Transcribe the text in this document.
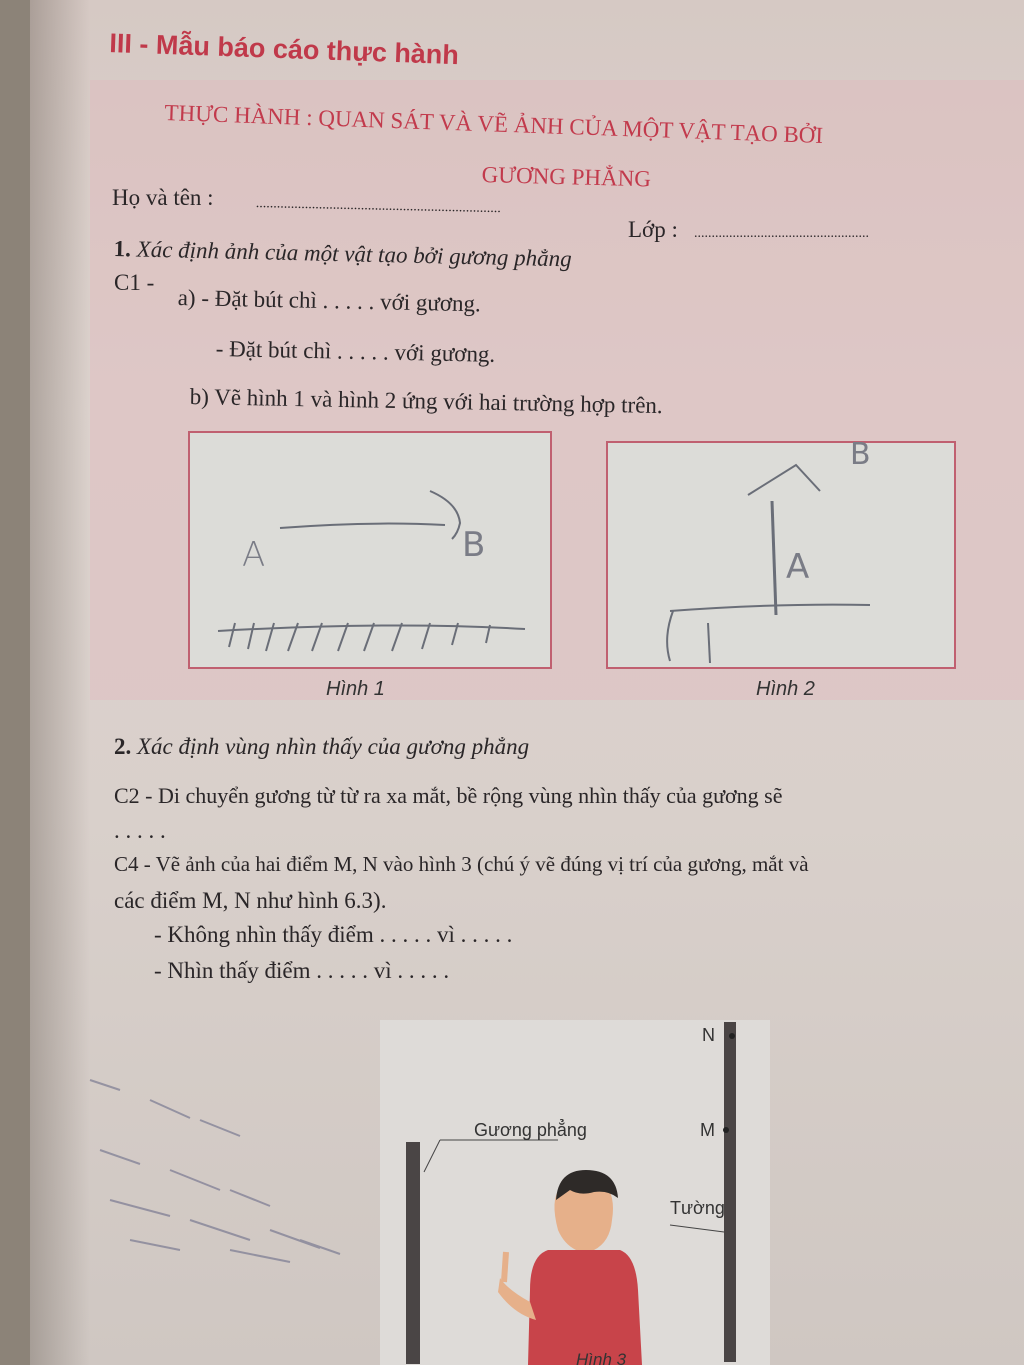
III - Mẫu báo cáo thực hành
THỰC HÀNH : QUAN SÁT VÀ VẼ ẢNH CỦA MỘT VẬT TẠO BỞI
GƯƠNG PHẲNG
Họ và tên :	......................................................................
Lớp : ..................................................
1. Xác định ảnh của một vật tạo bởi gương phẳng
C1 -
a) - Đặt bút chì . . . . . với gương.
- Đặt bút chì . . . . . với gương.
b) Vẽ hình 1 và hình 2 ứng với hai trường hợp trên.
A	B
Hình 1
A
B
Hình 2
2. Xác định vùng nhìn thấy của gương phẳng
C2 - Di chuyển gương từ từ ra xa mắt, bề rộng vùng nhìn thấy của gương sẽ
. . . . .
C4 - Vẽ ảnh của hai điểm M, N vào hình 3 (chú ý vẽ đúng vị trí của gương, mắt và
các điểm M, N như hình 6.3).
- Không nhìn thấy điểm . . . . . vì . . . . .
- Nhìn thấy điểm . . . . . vì . . . . .
Gương phẳng
Tường
N
M
Hình 3
